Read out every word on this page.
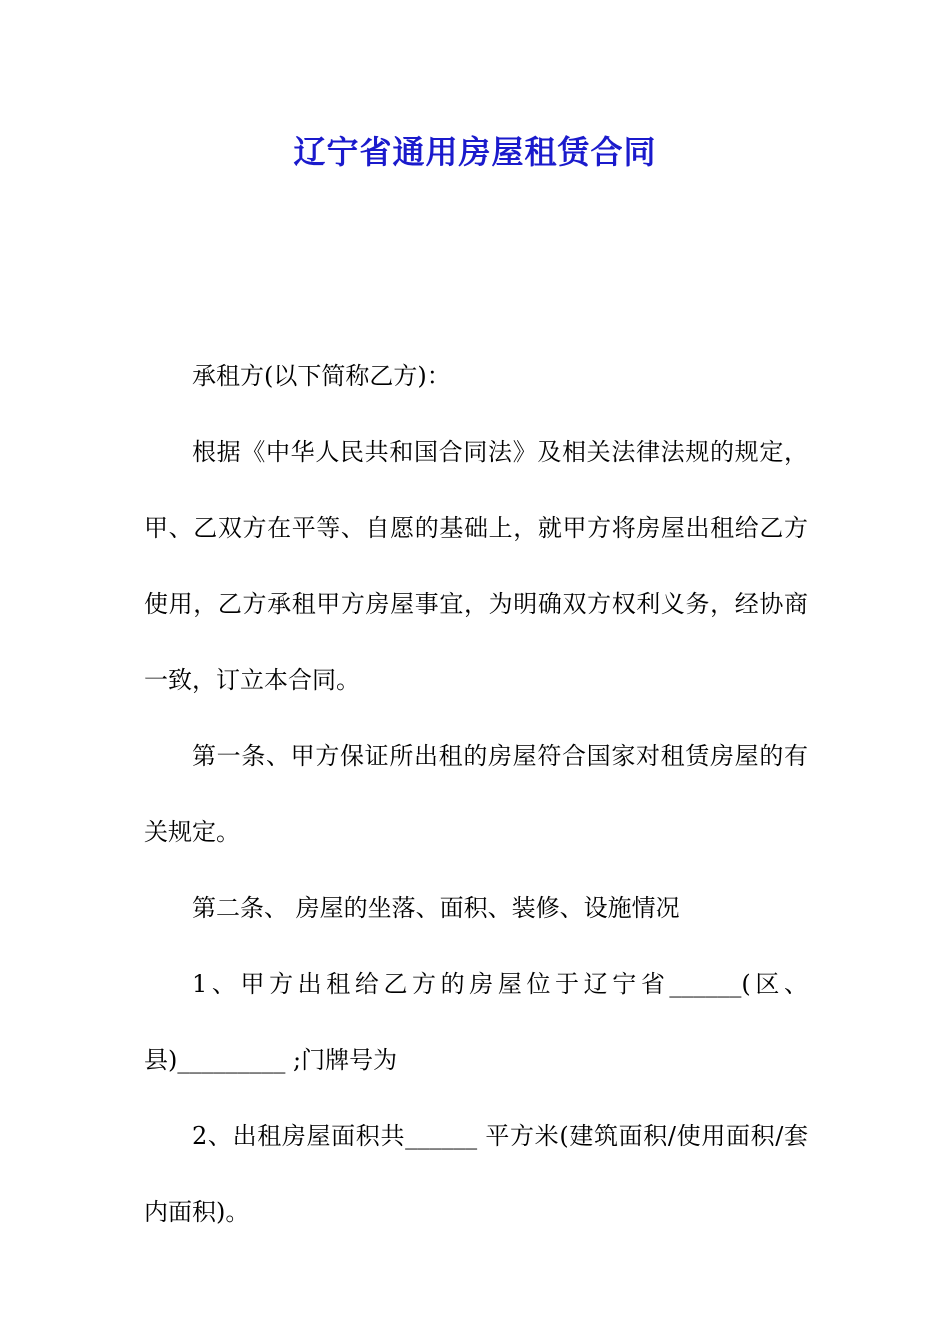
辽宁省通用房屋租赁合同

承租方(以下简称乙方)：

根据《中华人民共和国合同法》及相关法律法规的规定，甲、乙双方在平等、自愿的基础上，就甲方将房屋出租给乙方使用，乙方承租甲方房屋事宜，为明确双方权利义务，经协商一致，订立本合同。

第一条、甲方保证所出租的房屋符合国家对租赁房屋的有关规定。

第二条、 房屋的坐落、面积、装修、设施情况

1、甲方出租给乙方的房屋位于辽宁省______(区、县)_________ ;门牌号为

2、出租房屋面积共______ 平方米(建筑面积/使用面积/套内面积)。
